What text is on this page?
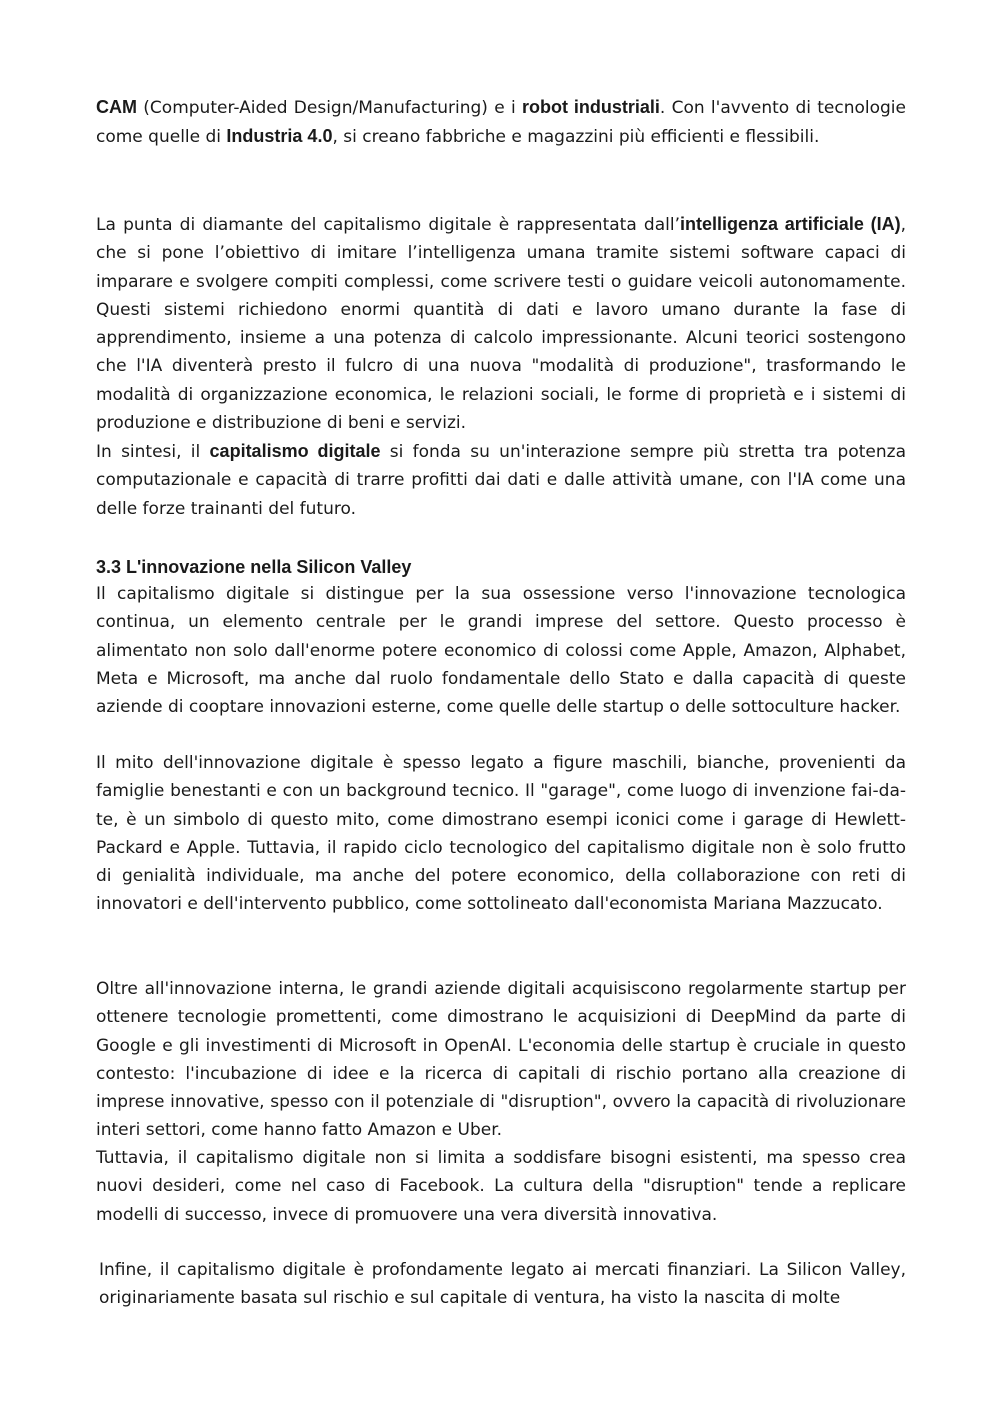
CAM (Computer-Aided Design/Manufacturing) e i robot industriali. Con l'avvento di tecnologie come quelle di Industria 4.0, si creano fabbriche e magazzini più efficienti e flessibili.

La punta di diamante del capitalismo digitale è rappresentata dall’intelligenza artificiale (IA), che si pone l’obiettivo di imitare l’intelligenza umana tramite sistemi software capaci di imparare e svolgere compiti complessi, come scrivere testi o guidare veicoli autonomamente. Questi sistemi richiedono enormi quantità di dati e lavoro umano durante la fase di apprendimento, insieme a una potenza di calcolo impressionante. Alcuni teorici sostengono che l'IA diventerà presto il fulcro di una nuova "modalità di produzione", trasformando le modalità di organizzazione economica, le relazioni sociali, le forme di proprietà e i sistemi di produzione e distribuzione di beni e servizi.

In sintesi, il capitalismo digitale si fonda su un'interazione sempre più stretta tra potenza computazionale e capacità di trarre profitti dai dati e dalle attività umane, con l'IA come una delle forze trainanti del futuro.

3.3 L'innovazione nella Silicon Valley

Il capitalismo digitale si distingue per la sua ossessione verso l'innovazione tecnologica continua, un elemento centrale per le grandi imprese del settore. Questo processo è alimentato non solo dall'enorme potere economico di colossi come Apple, Amazon, Alphabet, Meta e Microsoft, ma anche dal ruolo fondamentale dello Stato e dalla capacità di queste aziende di cooptare innovazioni esterne, come quelle delle startup o delle sottoculture hacker.

Il mito dell'innovazione digitale è spesso legato a figure maschili, bianche, provenienti da famiglie benestanti e con un background tecnico. Il "garage", come luogo di invenzione fai-da-te, è un simbolo di questo mito, come dimostrano esempi iconici come i garage di Hewlett-Packard e Apple. Tuttavia, il rapido ciclo tecnologico del capitalismo digitale non è solo frutto di genialità individuale, ma anche del potere economico, della collaborazione con reti di innovatori e dell'intervento pubblico, come sottolineato dall'economista Mariana Mazzucato.

Oltre all'innovazione interna, le grandi aziende digitali acquisiscono regolarmente startup per ottenere tecnologie promettenti, come dimostrano le acquisizioni di DeepMind da parte di Google e gli investimenti di Microsoft in OpenAI. L'economia delle startup è cruciale in questo contesto: l'incubazione di idee e la ricerca di capitali di rischio portano alla creazione di imprese innovative, spesso con il potenziale di "disruption", ovvero la capacità di rivoluzionare interi settori, come hanno fatto Amazon e Uber.

Tuttavia, il capitalismo digitale non si limita a soddisfare bisogni esistenti, ma spesso crea nuovi desideri, come nel caso di Facebook. La cultura della "disruption" tende a replicare modelli di successo, invece di promuovere una vera diversità innovativa.

Infine, il capitalismo digitale è profondamente legato ai mercati finanziari. La Silicon Valley, originariamente basata sul rischio e sul capitale di ventura, ha visto la nascita di molte
